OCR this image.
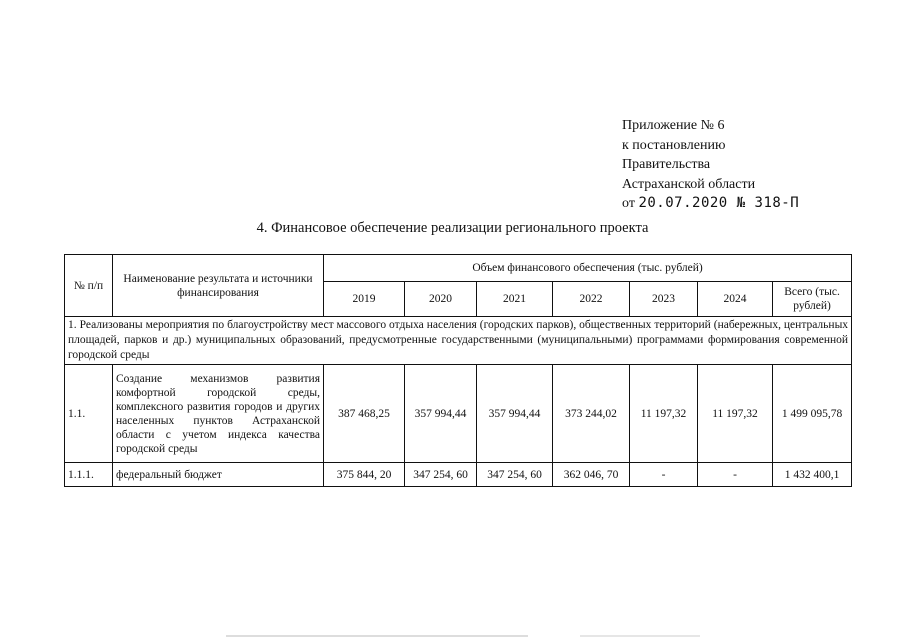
Приложение № 6
к постановлению
Правительства
Астраханской области
от 20.07.2020 № 318-П
4. Финансовое обеспечение реализации регионального проекта
№ п/п	Наименование результата и источники финансирования	Объем финансового обеспечения (тыс. рублей)						
		2019	2020	2021	2022	2023	2024	Всего (тыс. рублей)
1. Реализованы мероприятия по благоустройству мест массового отдыха населения (городских парков), общественных территорий (набережных, центральных площадей, парков и др.) муниципальных образований, предусмотренные государственными (муниципальными) программами формирования современной городской среды								
1.1.	Создание механизмов развития комфортной городской среды, комплексного развития городов и других населенных пунктов Астраханской области с учетом индекса качества городской среды	387 468,25	357 994,44	357 994,44	373 244,02	11 197,32	11 197,32	1 499 095,78
1.1.1.	федеральный бюджет	375 844, 20	347 254, 60	347 254, 60	362 046, 70	-	-	1 432 400,1
